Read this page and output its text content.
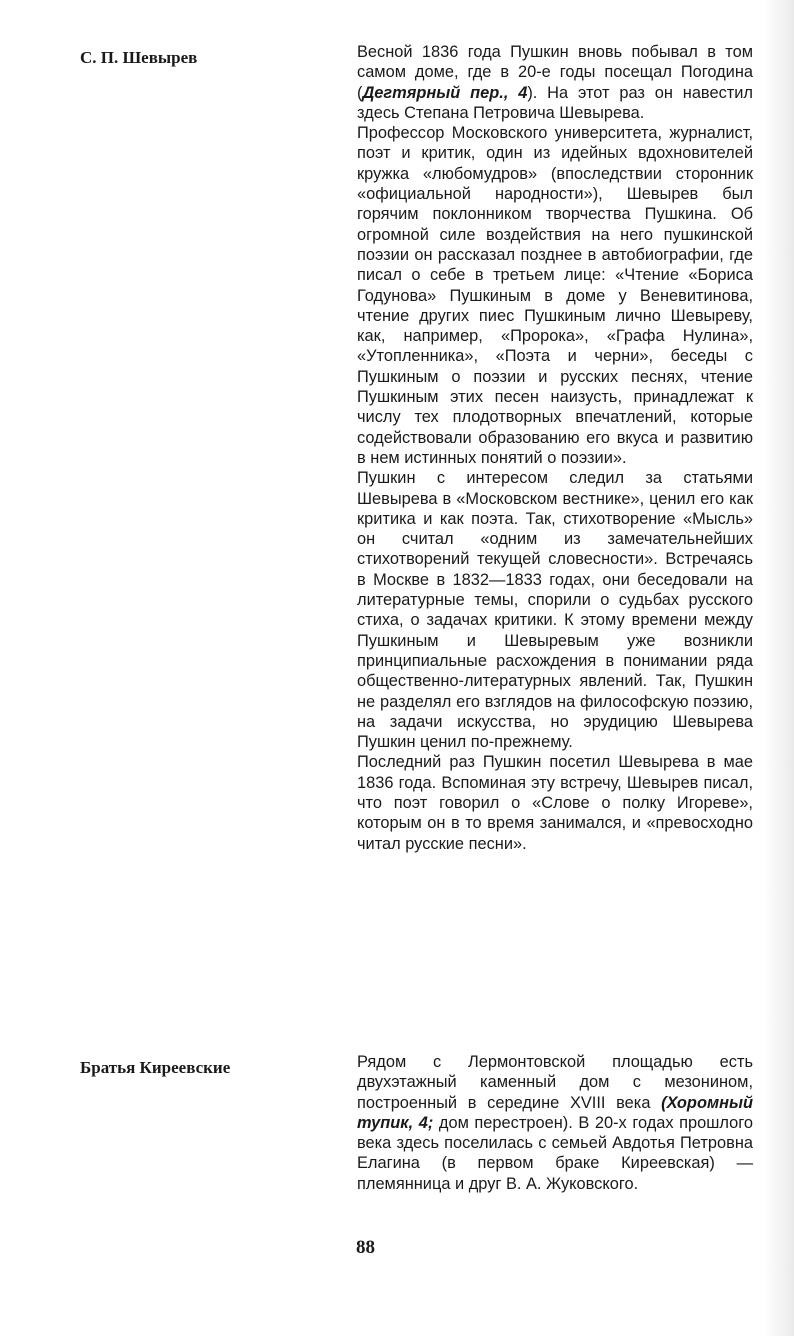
С. П. Шевырев	Весной 1836 года Пушкин вновь побывал в том самом доме, где в 20-е годы посещал Погодина (Дегтярный пер., 4). На этот раз он навестил здесь Степана Петровича Шевырева.

Профессор Московского университета, журналист, поэт и критик, один из идейных вдохновителей кружка «любомудров» (впоследствии сторонник «официальной народности»), Шевырев был горячим поклонником творчества Пушкина. Об огромной силе воздействия на него пушкинской поэзии он рассказал позднее в автобиографии, где писал о себе в третьем лице: «Чтение «Бориса Годунова» Пушкиным в доме у Веневитинова, чтение других пиес Пушкиным лично Шевыреву, как, например, «Пророка», «Графа Нулина», «Утопленника», «Поэта и черни», беседы с Пушкиным о поэзии и русских песнях, чтение Пушкиным этих песен наизусть, принадлежат к числу тех плодотворных впечатлений, которые содействовали образованию его вкуса и развитию в нем истинных понятий о поэзии».

Пушкин с интересом следил за статьями Шевырева в «Московском вестнике», ценил его как критика и как поэта. Так, стихотворение «Мысль» он считал «одним из замечательнейших стихотворений текущей словесности». Встречаясь в Москве в 1832—1833 годах, они беседовали на литературные темы, спорили о судьбах русского стиха, о задачах критики. К этому времени между Пушкиным и Шевыревым уже возникли принципиальные расхождения в понимании ряда общественно-литературных явлений. Так, Пушкин не разделял его взглядов на философскую поэзию, на задачи искусства, но эрудицию Шевырева Пушкин ценил по-прежнему.

Последний раз Пушкин посетил Шевырева в мае 1836 года. Вспоминая эту встречу, Шевырев писал, что поэт говорил о «Слове о полку Игореве», которым он в то время занимался, и «превосходно читал русские песни».

Братья Киреевские	Рядом с Лермонтовской площадью есть двухэтажный каменный дом с мезонином, построенный в середине XVIII века (Хоромный тупик, 4; дом перестроен). В 20-х годах прошлого века здесь поселилась с семьей Авдотья Петровна Елагина (в первом браке Киреевская) — племянница и друг В. А. Жуковского.

88
